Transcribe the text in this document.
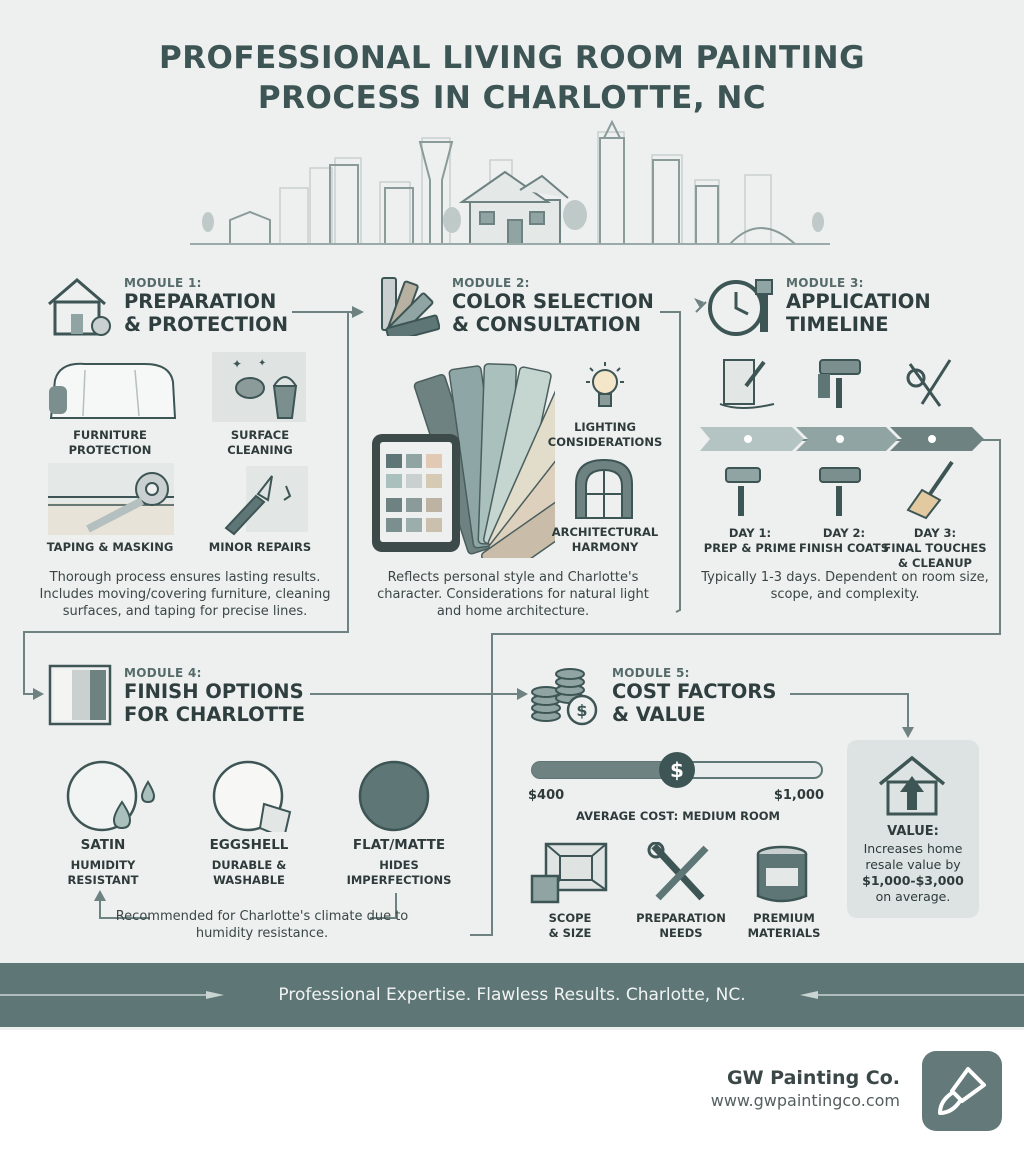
PROFESSIONAL LIVING ROOM PAINTING
PROCESS IN CHARLOTTE, NC
MODULE 1:
PREPARATION
& PROTECTION
✦ ✦
FURNITURE
PROTECTION
SURFACE
CLEANING
TAPING & MASKING	MINOR REPAIRS
Thorough process ensures lasting results. Includes moving/covering furniture, cleaning surfaces, and taping for precise lines.
MODULE 2:
COLOR SELECTION
& CONSULTATION
LIGHTING
CONSIDERATIONS
ARCHITECTURAL
HARMONY
Reflects personal style and Charlotte's character. Considerations for natural light and home architecture.
MODULE 3:
APPLICATION
TIMELINE
DAY 1:
PREP & PRIME
DAY 2:
FINISH COATS
DAY 3:
FINAL TOUCHES
& CLEANUP
Typically 1-3 days. Dependent on room size, scope, and complexity.
MODULE 4:
FINISH OPTIONS
FOR CHARLOTTE
SATIN
HUMIDITY
RESISTANT
EGGSHELL
DURABLE &
WASHABLE
FLAT/MATTE
HIDES
IMPERFECTIONS
Recommended for Charlotte's climate due to humidity resistance.
$
MODULE 5:
COST FACTORS
& VALUE
$
$400	$1,000
AVERAGE COST: MEDIUM ROOM
SCOPE
& SIZE
PREPARATION
NEEDS
PREMIUM
MATERIALS
VALUE:
Increases home resale value by
$1,000-$3,000
on average.
Professional Expertise. Flawless Results. Charlotte, NC.
GW Painting Co.
www.gwpaintingco.com
